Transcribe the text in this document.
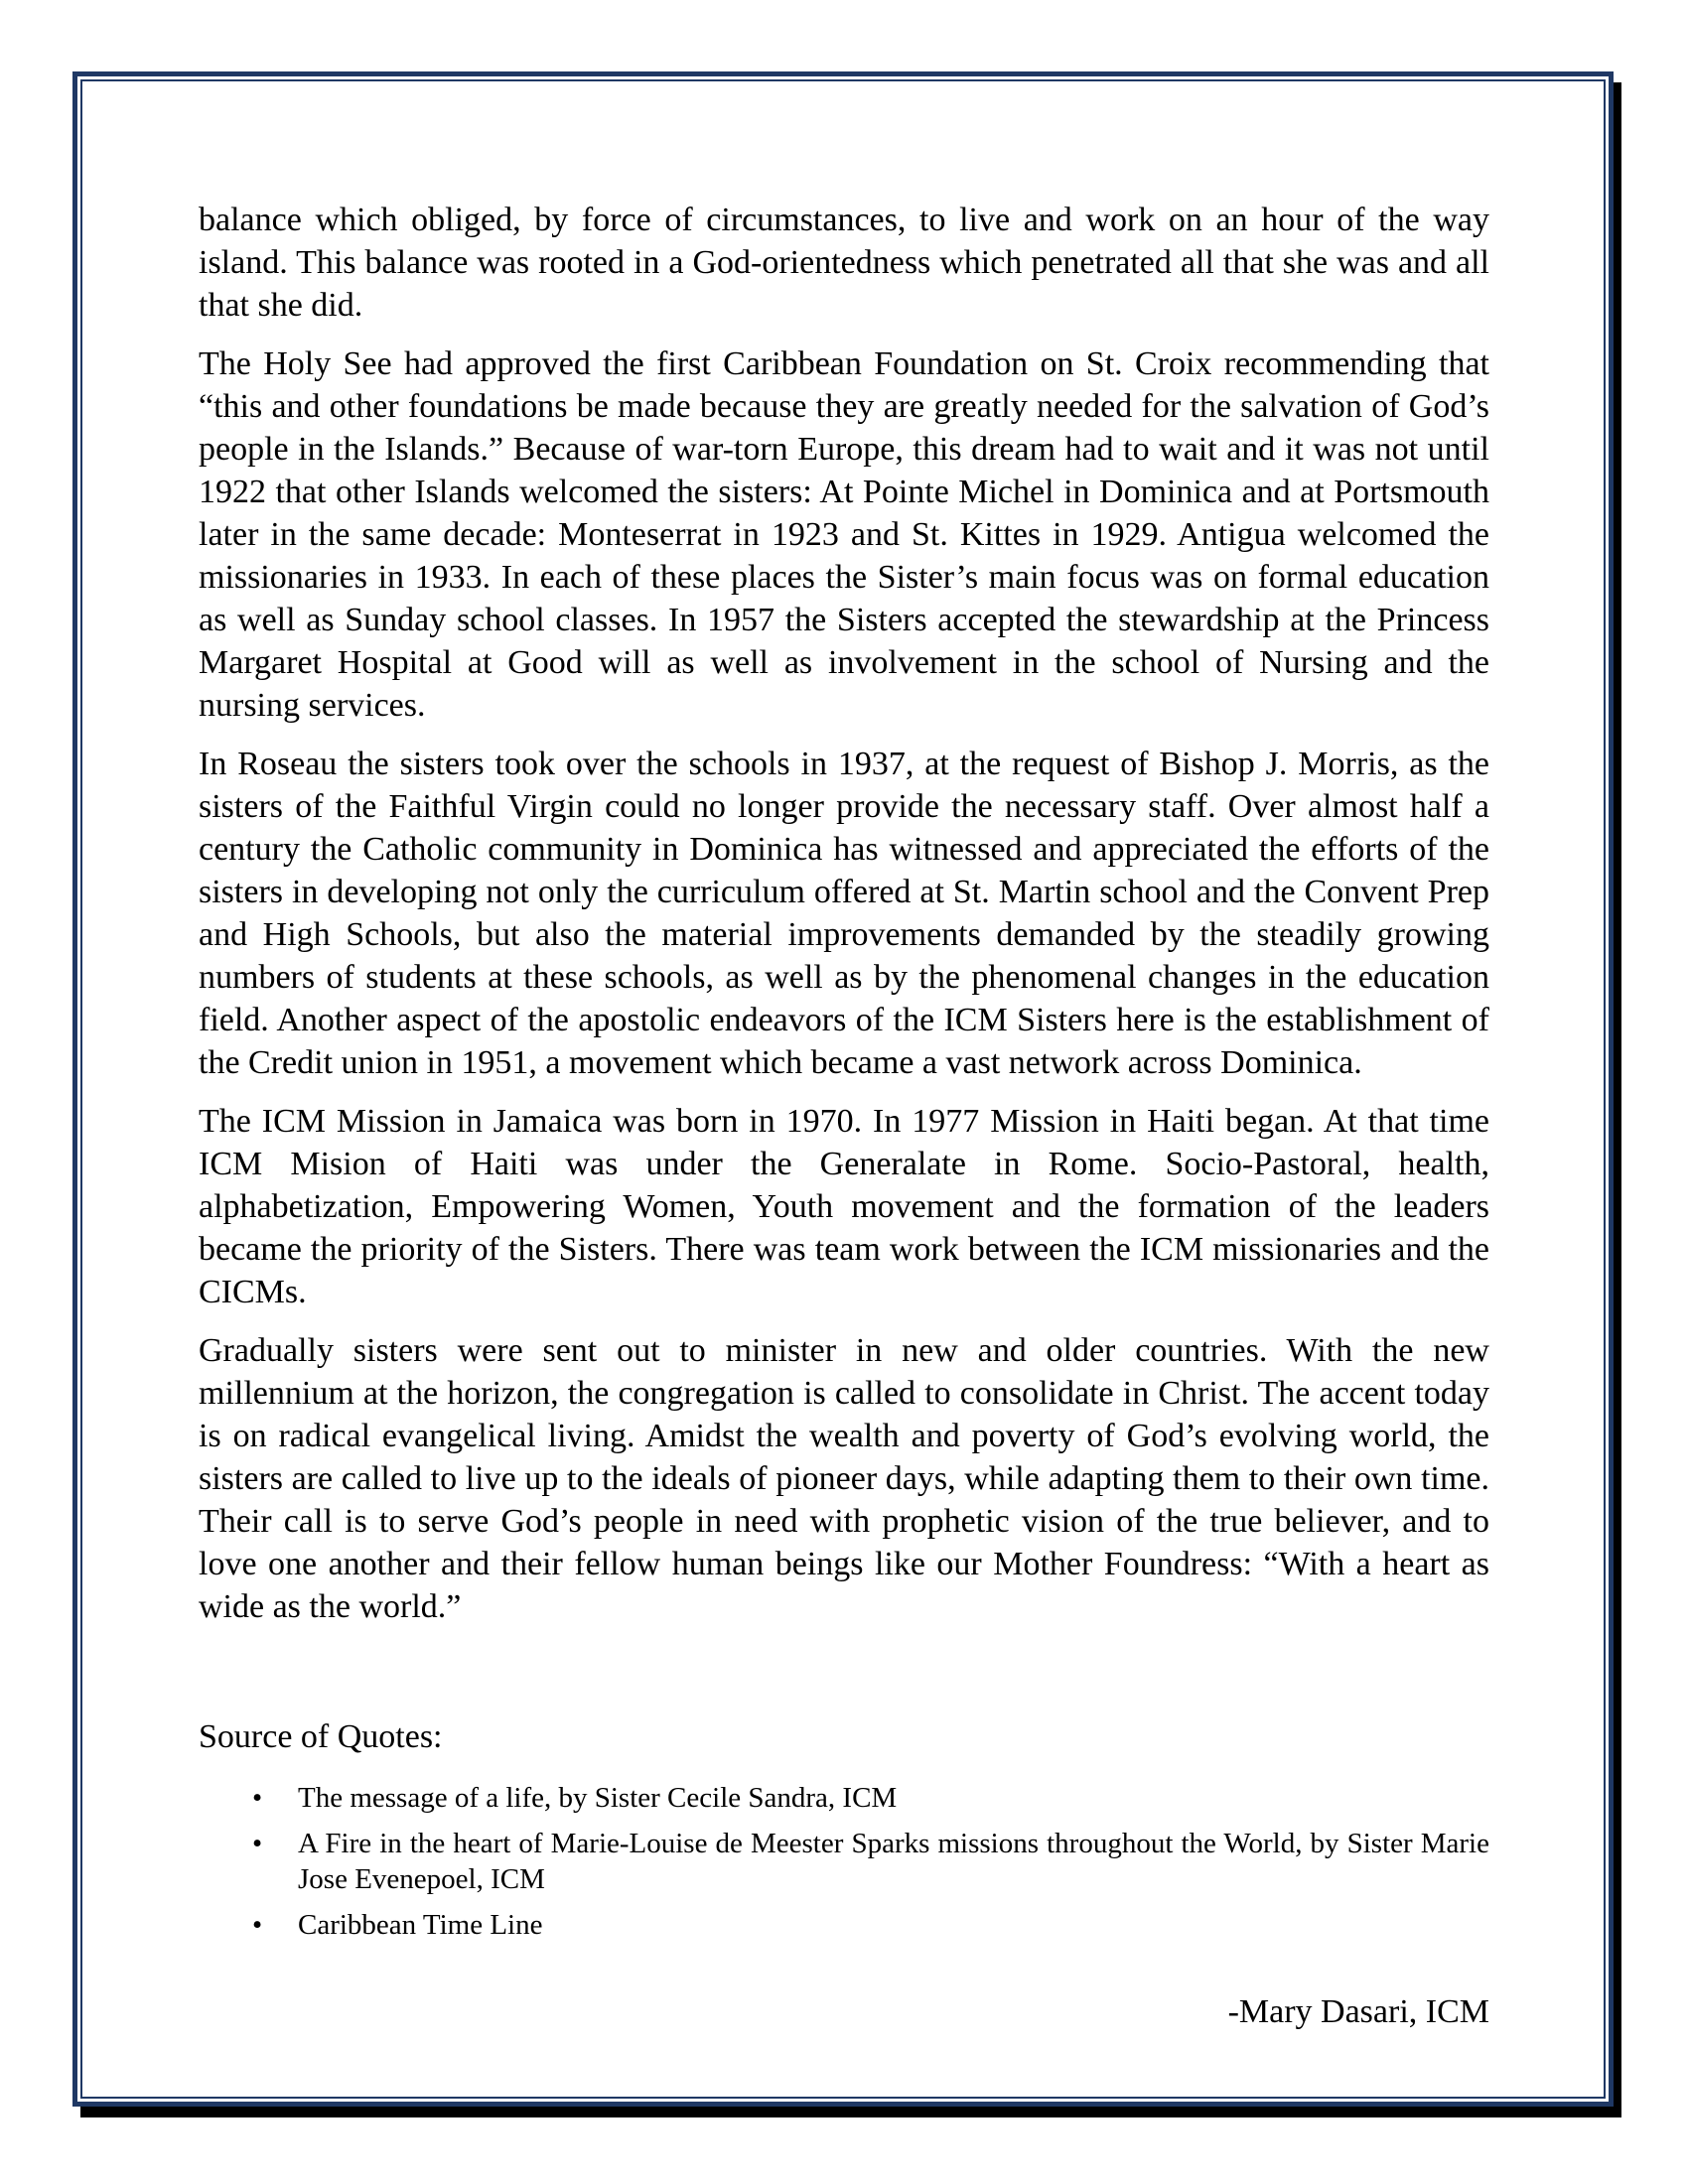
balance which obliged, by force of circumstances, to live and work on an hour of the way island. This balance was rooted in a God-orientedness which penetrated all that she was and all that she did.

The Holy See had approved the first Caribbean Foundation on St. Croix recommending that “this and other foundations be made because they are greatly needed for the salvation of God’s people in the Islands.” Because of war-torn Europe, this dream had to wait and it was not until 1922 that other Islands welcomed the sisters: At Pointe Michel in Dominica and at Portsmouth later in the same decade: Monteserrat in 1923 and St. Kittes in 1929. Antigua welcomed the missionaries in 1933. In each of these places the Sister’s main focus was on formal education as well as Sunday school classes. In 1957 the Sisters accepted the stewardship at the Princess Margaret Hospital at Good will as well as involvement in the school of Nursing and the nursing services.

In Roseau the sisters took over the schools in 1937, at the request of Bishop J. Morris, as the sisters of the Faithful Virgin could no longer provide the necessary staff. Over almost half a century the Catholic community in Dominica has witnessed and appreciated the efforts of the sisters in developing not only the curriculum offered at St. Martin school and the Convent Prep and High Schools, but also the material improvements demanded by the steadily growing numbers of students at these schools, as well as by the phenomenal changes in the education field. Another aspect of the apostolic endeavors of the ICM Sisters here is the establishment of the Credit union in 1951, a movement which became a vast network across Dominica.

The ICM Mission in Jamaica was born in 1970. In 1977 Mission in Haiti began. At that time ICM Mision of Haiti was under the Generalate in Rome. Socio-Pastoral, health, alphabetization, Empowering Women, Youth movement and the formation of the leaders became the priority of the Sisters. There was team work between the ICM missionaries and the CICMs.

Gradually sisters were sent out to minister in new and older countries. With the new millennium at the horizon, the congregation is called to consolidate in Christ. The accent today is on radical evangelical living. Amidst the wealth and poverty of God’s evolving world, the sisters are called to live up to the ideals of pioneer days, while adapting them to their own time. Their call is to serve God’s people in need with prophetic vision of the true believer, and to love one another and their fellow human beings like our Mother Foundress: “With a heart as wide as the world.”

Source of Quotes:
• The message of a life, by Sister Cecile Sandra, ICM
• A Fire in the heart of Marie-Louise de Meester Sparks missions throughout the World, by Sister Marie Jose Evenepoel, ICM
• Caribbean Time Line
-Mary Dasari, ICM
